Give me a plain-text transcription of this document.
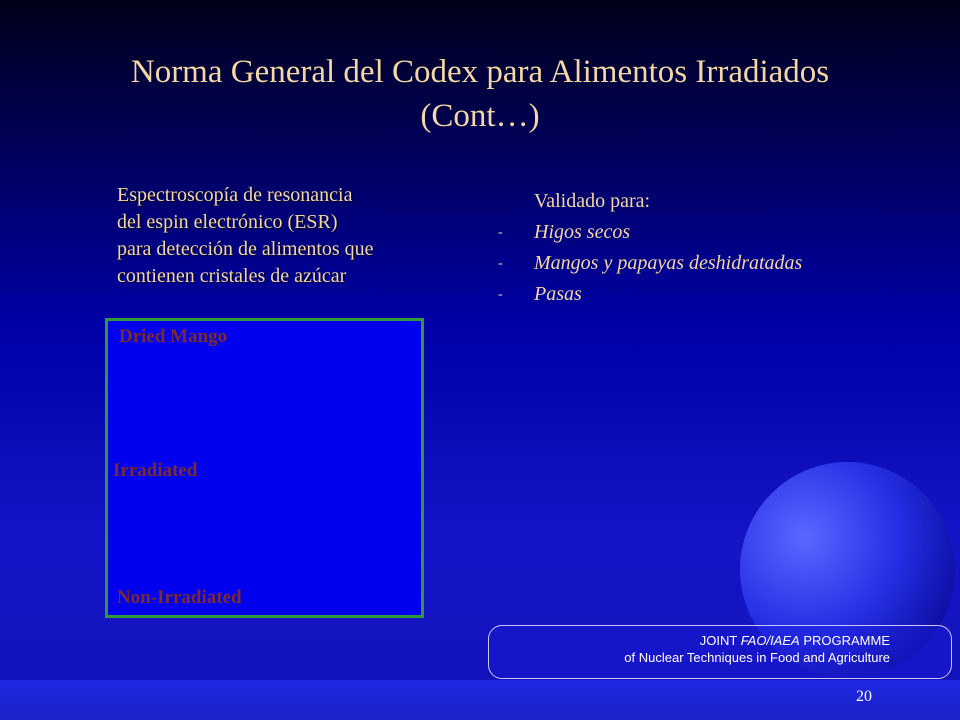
Norma General del Codex para Alimentos Irradiados
(Cont…)
Espectroscopía de resonancia
del espin electrónico (ESR)
para detección de alimentos que
contienen cristales de azúcar
Dried Mango
Irradiated
Non-Irradiated
Validado para:
- Higos secos
- Mangos y papayas deshidratadas
- Pasas
JOINT FAO/IAEA PROGRAMME
of Nuclear Techniques in Food and Agriculture
20
